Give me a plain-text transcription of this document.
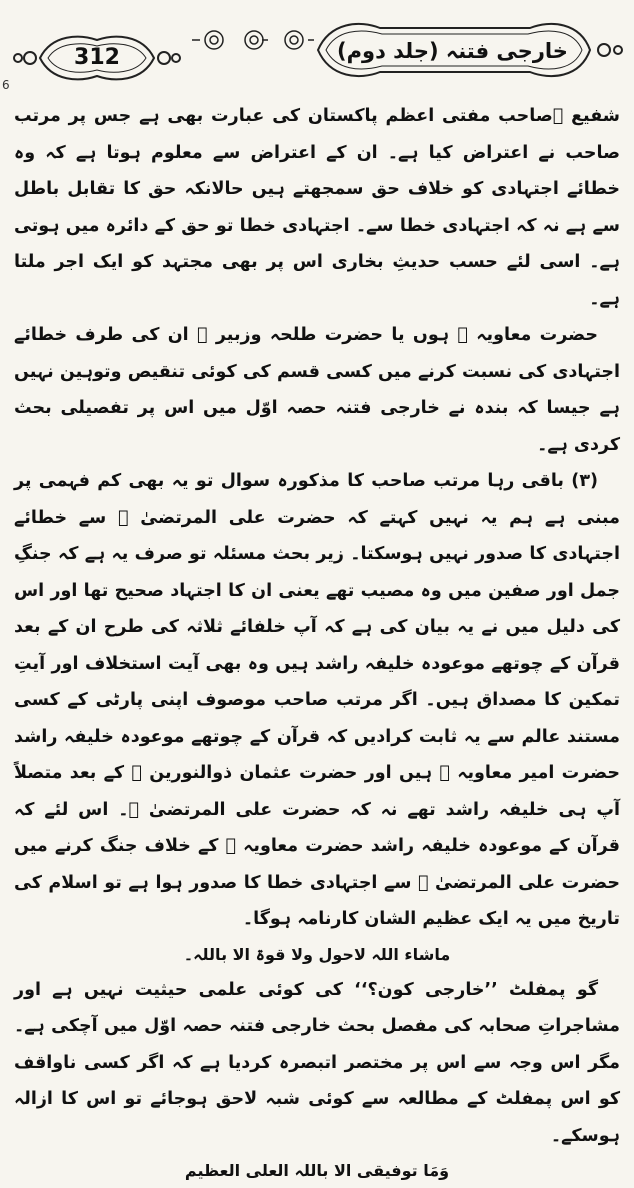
312	خارجی فتنہ (جلد دوم)
6

شفیع ﷫صاحب مفتی اعظم پاکستان کی عبارت بھی ہے جس پر مرتب صاحب نے اعتراض کیا ہے۔ ان کے اعتراض سے معلوم ہوتا ہے کہ وہ خطائے اجتہادی کو خلاف حق سمجھتے ہیں حالانکہ حق کا تقابل باطل سے ہے نہ کہ اجتہادی خطا سے۔ اجتہادی خطا تو حق کے دائرہ میں ہوتی ہے۔ اسی لئے حسب حدیثِ بخاری اس پر بھی مجتہد کو ایک اجر ملتا ہے۔

حضرت معاویہ ﷛ ہوں یا حضرت طلحہ وزبیر ﷠ ان کی طرف خطائے اجتہادی کی نسبت کرنے میں کسی قسم کی کوئی تنقیص وتوہین نہیں ہے جیسا کہ بندہ نے خارجی فتنہ حصہ اوّل میں اس پر تفصیلی بحث کردی ہے۔

(۳) باقی رہا مرتب صاحب کا مذکورہ سوال تو یہ بھی کم فہمی پر مبنی ہے ہم یہ نہیں کہتے کہ حضرت علی المرتضیٰ ﷛ سے خطائے اجتہادی کا صدور نہیں ہوسکتا۔ زیر بحث مسئلہ تو صرف یہ ہے کہ جنگِ جمل اور صفین میں وہ مصیب تھے یعنی ان کا اجتہاد صحیح تھا اور اس کی دلیل میں نے یہ بیان کی ہے کہ آپ خلفائے ثلاثہ کی طرح ان کے بعد قرآن کے چوتھے موعودہ خلیفہ راشد ہیں وہ بھی آیت استخلاف اور آیتِ تمکین کا مصداق ہیں۔ اگر مرتب صاحب موصوف اپنی پارٹی کے کسی مستند عالم سے یہ ثابت کرادیں کہ قرآن کے چوتھے موعودہ خلیفہ راشد حضرت امیر معاویہ ﷛ ہیں اور حضرت عثمان ذوالنورین ﷛ کے بعد متصلاً آپ ہی خلیفہ راشد تھے نہ کہ حضرت علی المرتضیٰ ﷛۔ اس لئے کہ قرآن کے موعودہ خلیفہ راشد حضرت معاویہ ﷛ کے خلاف جنگ کرنے میں حضرت علی المرتضیٰ ﷛ سے اجتہادی خطا کا صدور ہوا ہے تو اسلام کی تاریخ میں یہ ایک عظیم الشان کارنامہ ہوگا۔

ماشاء اللہ لاحول ولا قوۃ الا باللہ۔

گو پمفلٹ ’’خارجی کون؟‘‘ کی کوئی علمی حیثیت نہیں ہے اور مشاجراتِ صحابہ کی مفصل بحث خارجی فتنہ حصہ اوّل میں آچکی ہے۔ مگر اس وجہ سے اس پر مختصر اتبصرہ کردیا ہے کہ اگر کسی ناواقف کو اس پمفلٹ کے مطالعہ سے کوئی شبہ لاحق ہوجائے تو اس کا ازالہ ہوسکے۔

وَمَا توفیقی الا باللہ العلی العظیم
